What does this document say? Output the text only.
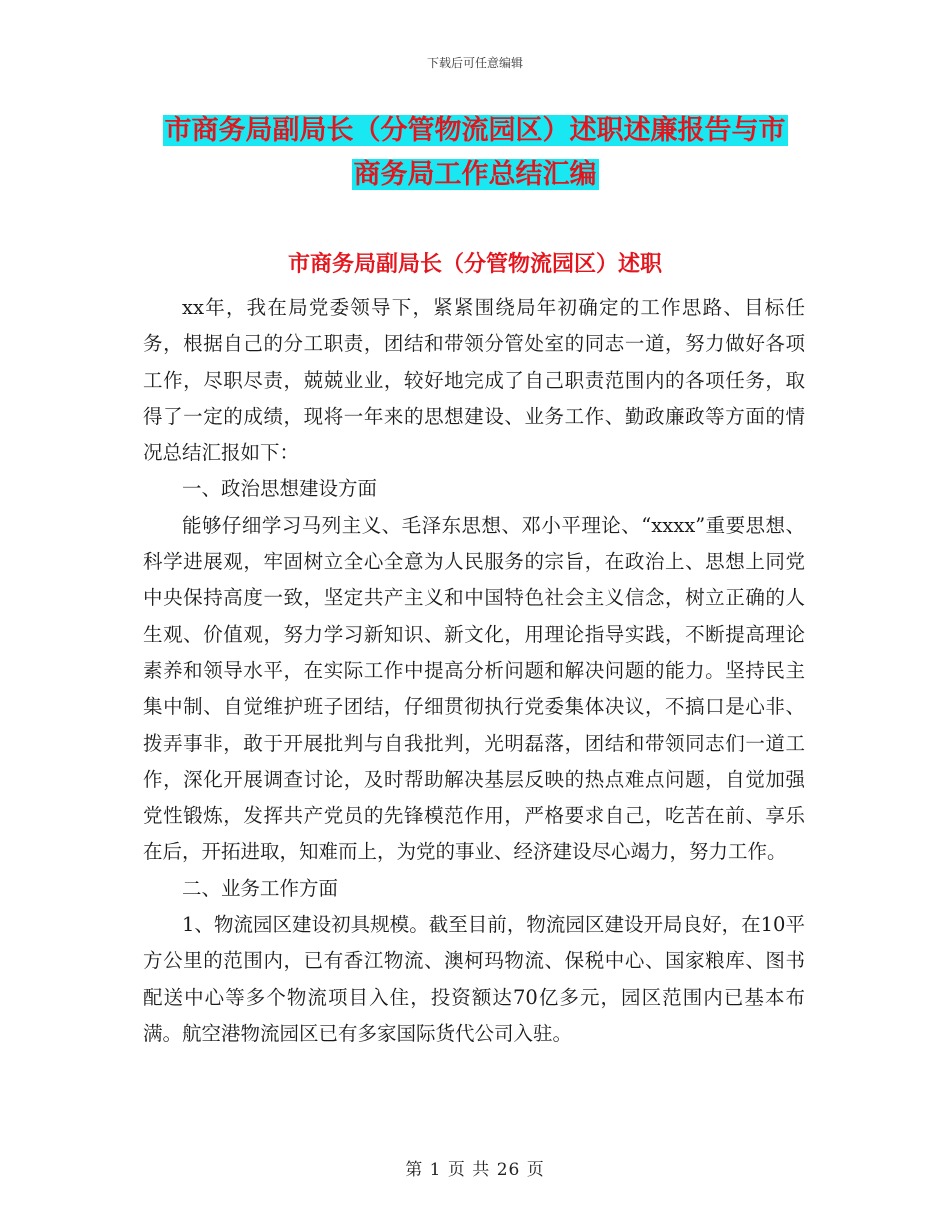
下载后可任意编辑
市商务局副局长（分管物流园区）述职述廉报告与市
商务局工作总结汇编
市商务局副局长（分管物流园区）述职

xx年，我在局党委领导下，紧紧围绕局年初确定的工作思路、目标任务，根据自己的分工职责，团结和带领分管处室的同志一道，努力做好各项工作，尽职尽责，兢兢业业，较好地完成了自己职责范围内的各项任务，取得了一定的成绩，现将一年来的思想建设、业务工作、勤政廉政等方面的情况总结汇报如下：

一、政治思想建设方面

能够仔细学习马列主义、毛泽东思想、邓小平理论、“xxxx”重要思想、科学进展观，牢固树立全心全意为人民服务的宗旨，在政治上、思想上同党中央保持高度一致，坚定共产主义和中国特色社会主义信念，树立正确的人生观、价值观，努力学习新知识、新文化，用理论指导实践，不断提高理论素养和领导水平，在实际工作中提高分析问题和解决问题的能力。坚持民主集中制、自觉维护班子团结，仔细贯彻执行党委集体决议，不搞口是心非、拨弄事非，敢于开展批判与自我批判，光明磊落，团结和带领同志们一道工作，深化开展调查讨论，及时帮助解决基层反映的热点难点问题，自觉加强党性锻炼，发挥共产党员的先锋模范作用，严格要求自己，吃苦在前、享乐在后，开拓进取，知难而上，为党的事业、经济建设尽心竭力，努力工作。

二、业务工作方面

1、物流园区建设初具规模。截至目前，物流园区建设开局良好，在10平方公里的范围内，已有香江物流、澳柯玛物流、保税中心、国家粮库、图书配送中心等多个物流项目入住，投资额达70亿多元，园区范围内已基本布满。航空港物流园区已有多家国际货代公司入驻。

第 1 页 共 26 页
